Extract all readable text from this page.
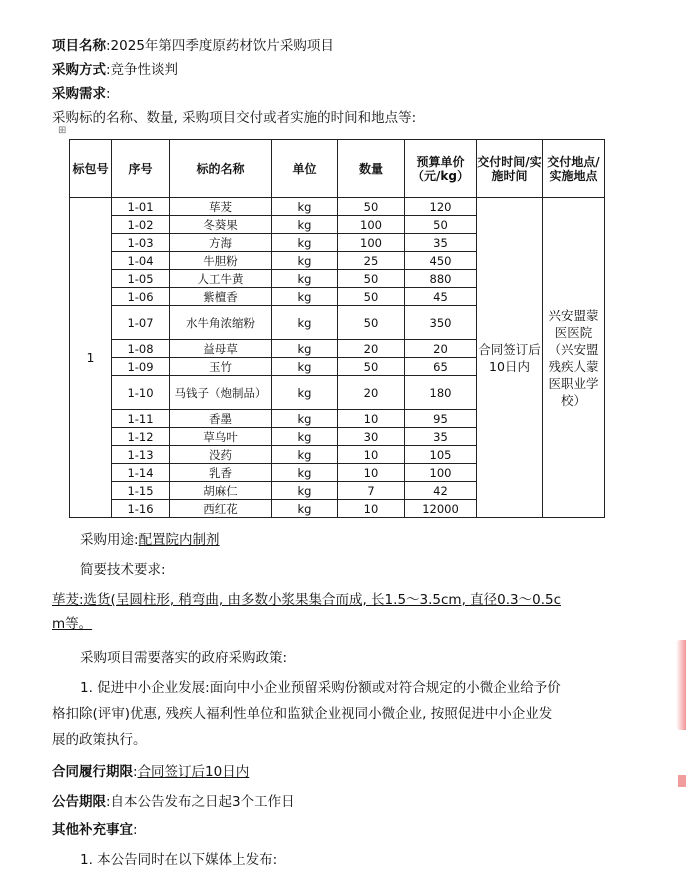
项目名称:2025年第四季度原药材饮片采购项目
采购方式:竞争性谈判
采购需求:
采购标的名称、数量, 采购项目交付或者实施的时间和地点等:
⊞
标包号	序号	标的名称	单位	数量	预算单价（元/kg）	交付时间/实施时间	交付地点/实施地点
1	1-01	荜茇	kg	50	120	合同签订后10日内	兴安盟蒙医医院（兴安盟残疾人蒙医职业学校）
	1-02	冬葵果	kg	100	50		
	1-03	方海	kg	100	35		
	1-04	牛胆粉	kg	25	450		
	1-05	人工牛黄	kg	50	880		
	1-06	紫檀香	kg	50	45		
	1-07	水牛角浓缩粉	kg	50	350		
	1-08	益母草	kg	20	20		
	1-09	玉竹	kg	50	65		
	1-10	马钱子（炮制品）	kg	20	180		
	1-11	香墨	kg	10	95		
	1-12	草乌叶	kg	30	35		
	1-13	没药	kg	10	105		
	1-14	乳香	kg	10	100		
	1-15	胡麻仁	kg	7	42		
	1-16	西红花	kg	10	12000		
采购用途:配置院内制剂
简要技术要求:
荜茇:选货(呈圆柱形, 稍弯曲, 由多数小浆果集合而成, 长1.5～3.5cm, 直径0.3～0.5c
m等。
采购项目需要落实的政府采购政策:
1. 促进中小企业发展:面向中小企业预留采购份额或对符合规定的小微企业给予价
格扣除(评审)优惠, 残疾人福利性单位和监狱企业视同小微企业, 按照促进中小企业发
展的政策执行。
合同履行期限:合同签订后10日内
公告期限:自本公告发布之日起3个工作日
其他补充事宜:
1. 本公告同时在以下媒体上发布:
